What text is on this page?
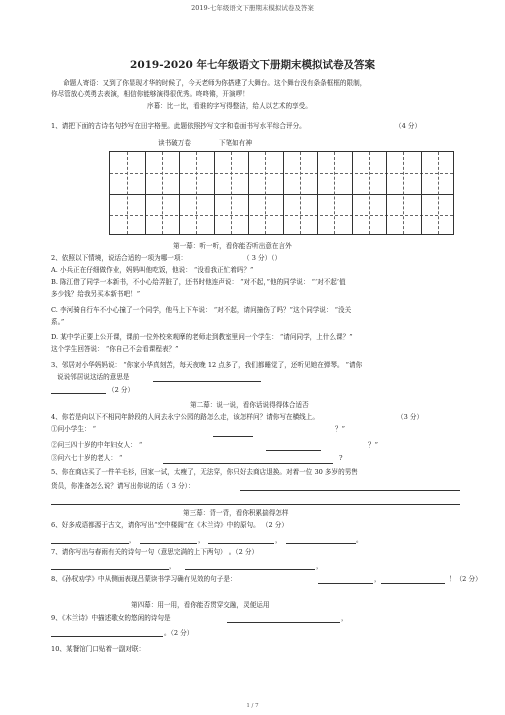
2019-七年级语文下册期末模拟试卷及答案
2019-2020 年七年级语文下册期末模拟试卷及答案
命题人寄语：又到了你显现才华的时候了，今天老师为你搭建了大舞台。这个舞台没有条条框框的限制，
你尽管放心英勇去表演，相信你能够演得很优秀。咚咚锵，开演啰！
序幕：比一比，看谁的字写得整洁，给人以艺术的享受。
1、请把下面的古诗名句抄写在田字格里。此题依照抄写文字和卷面书写水平综合评分。	（4 分）
读书破万卷	下笔如有神
第一幕：听一听，看你能否听出意在言外
2、依照以下情境，说话合适的一项为哪一项：	（ 3 分）（）
A. 小兵正在仔细做作业，妈妈叫他吃饭，他说： “没看我正忙着吗？”
B. 陈江借了同学一本新书，不小心给弄脏了，还书时他连声说： “对不起，”他的同学说： “‘对不起’值
多少钱？给我另买本新书吧！”
C. 李河骑自行车不小心撞了一个同学，他马上下车说： “对不起，请问撞伤了吗？”这个同学说： “没关
系。”
D. 某中学正要上公开课，课前一位外校来观摩的老师走到教室里问一个学生： “请问同学，上什么课？”
这个学生回答说： “你自己不会看课程表？”
3、邻居对小华妈妈说： “你家小华真刻苦，每天夜晚 12 点多了，我们都睡觉了，还听见她在弹琴。 ”请你
说说邻居说这话的意思是
（2 分）
第二幕：说一说，看你话说得得体合适否
4、你若是向以下不相同年龄段的人问去永宁公园的路怎么走，该怎样问？请你写在横线上。	（3 分）
①问小学生： “	？”
②问三四十岁的中年妇女人： “	？”
③问六七十岁的老人： “	?
5、你在商店买了一件羊毛衫，回家一试，太瘦了，无法穿，你只好去商店退换。对着一位 30 多岁的男售
货员，你准备怎么说？请写出你说的话（ 3 分）：
第三幕：背一背，看你积累揣得怎样
6、好多成语都源于古文，请你写出“空中楼阁”在《木兰诗》中的原句。 （2 分）
，	，	，	。
7、请你写出与春雨有关的诗句一句（意思完满的上下两句） 。（2 分）
，	，
8、《孙权劝学》中从侧面表现吕蒙读书学习确有见效的句子是：	，	！（2 分）
第四幕：用一用，看你能否贯穿交融，灵便运用
9、《木兰诗》中描述歌女的悠闲的诗句是	，
。（2 分）
10、某餐馆门口贴着一副对联：
1 / 7
